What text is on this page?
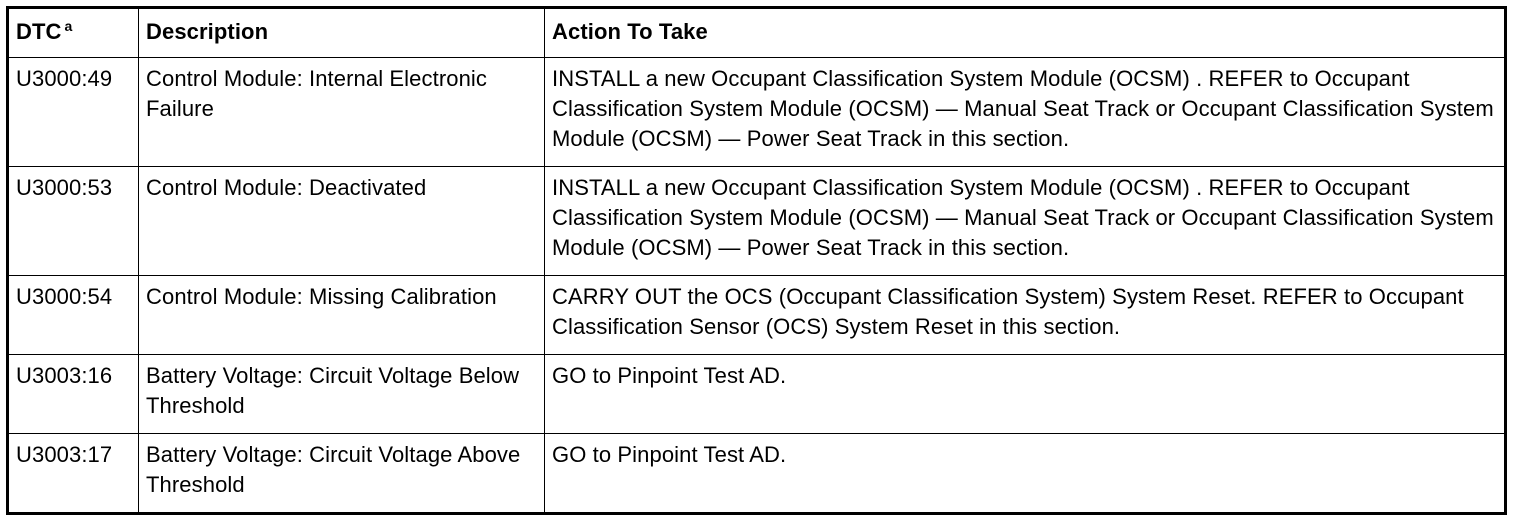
DTC $^a$	Description	Action To Take
U3000:49	Control Module: Internal Electronic Failure	INSTALL a new Occupant Classification System Module (OCSM) . REFER to Occupant Classification System Module (OCSM) — Manual Seat Track or Occupant Classification System Module (OCSM) — Power Seat Track in this section.
U3000:53	Control Module: Deactivated	INSTALL a new Occupant Classification System Module (OCSM) . REFER to Occupant Classification System Module (OCSM) — Manual Seat Track or Occupant Classification System Module (OCSM) — Power Seat Track in this section.
U3000:54	Control Module: Missing Calibration	CARRY OUT the OCS (Occupant Classification System) System Reset. REFER to Occupant Classification Sensor (OCS) System Reset in this section.
U3003:16	Battery Voltage: Circuit Voltage Below Threshold	GO to Pinpoint Test AD.
U3003:17	Battery Voltage: Circuit Voltage Above Threshold	GO to Pinpoint Test AD.
